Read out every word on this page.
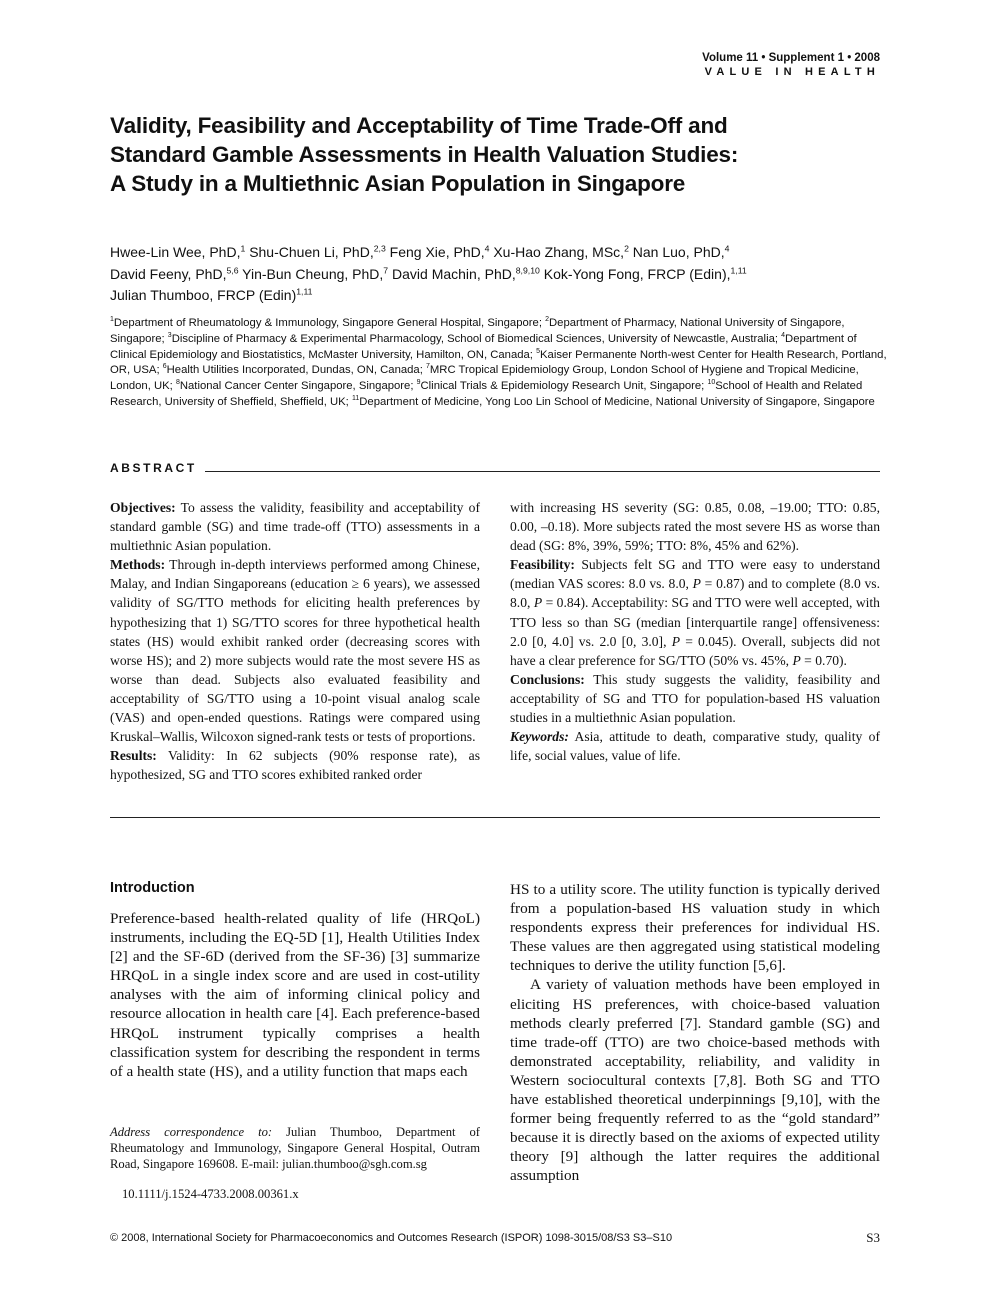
Volume 11 • Supplement 1 • 2008
VALUE IN HEALTH
Validity, Feasibility and Acceptability of Time Trade-Off and
Standard Gamble Assessments in Health Valuation Studies:
A Study in a Multiethnic Asian Population in Singapore
Hwee-Lin Wee, PhD,$^1$ Shu-Chuen Li, PhD,$^{2,3}$ Feng Xie, PhD,$^4$ Xu-Hao Zhang, MSc,$^2$ Nan Luo, PhD,$^4$
David Feeny, PhD,$^{5,6}$ Yin-Bun Cheung, PhD,$^7$ David Machin, PhD,$^{8,9,10}$ Kok-Yong Fong, FRCP (Edin),$^{1,11}$
Julian Thumboo, FRCP (Edin)$^{1,11}$
$^1$Department of Rheumatology & Immunology, Singapore General Hospital, Singapore; $^2$Department of Pharmacy, National University of Singapore, Singapore; $^3$Discipline of Pharmacy & Experimental Pharmacology, School of Biomedical Sciences, University of Newcastle, Australia; $^4$Department of Clinical Epidemiology and Biostatistics, McMaster University, Hamilton, ON, Canada; $^5$Kaiser Permanente North-west Center for Health Research, Portland, OR, USA; $^6$Health Utilities Incorporated, Dundas, ON, Canada; $^7$MRC Tropical Epidemiology Group, London School of Hygiene and Tropical Medicine, London, UK; $^8$National Cancer Center Singapore, Singapore; $^9$Clinical Trials & Epidemiology Research Unit, Singapore; $^{10}$School of Health and Related Research, University of Sheffield, Sheffield, UK; $^{11}$Department of Medicine, Yong Loo Lin School of Medicine, National University of Singapore, Singapore
ABSTRACT

Objectives: To assess the validity, feasibility and acceptability of standard gamble (SG) and time trade-off (TTO) assessments in a multiethnic Asian population.

Methods: Through in-depth interviews performed among Chinese, Malay, and Indian Singaporeans (education ≥ 6 years), we assessed validity of SG/TTO methods for eliciting health preferences by hypothesizing that 1) SG/TTO scores for three hypothetical health states (HS) would exhibit ranked order (decreasing scores with worse HS); and 2) more subjects would rate the most severe HS as worse than dead. Subjects also evaluated feasibility and acceptability of SG/TTO using a 10-point visual analog scale (VAS) and open-ended questions. Ratings were compared using Kruskal–Wallis, Wilcoxon signed-rank tests or tests of proportions.

Results: Validity: In 62 subjects (90% response rate), as hypothesized, SG and TTO scores exhibited ranked order

with increasing HS severity (SG: 0.85, 0.08, –19.00; TTO: 0.85, 0.00, –0.18). More subjects rated the most severe HS as worse than dead (SG: 8%, 39%, 59%; TTO: 8%, 45% and 62%).

Feasibility: Subjects felt SG and TTO were easy to understand (median VAS scores: 8.0 vs. 8.0, P = 0.87) and to complete (8.0 vs. 8.0, P = 0.84). Acceptability: SG and TTO were well accepted, with TTO less so than SG (median [interquartile range] offensiveness: 2.0 [0, 4.0] vs. 2.0 [0, 3.0], P = 0.045). Overall, subjects did not have a clear preference for SG/TTO (50% vs. 45%, P = 0.70).

Conclusions: This study suggests the validity, feasibility and acceptability of SG and TTO for population-based HS valuation studies in a multiethnic Asian population.

Keywords: Asia, attitude to death, comparative study, quality of life, social values, value of life.

Introduction

Preference-based health-related quality of life (HRQoL) instruments, including the EQ-5D [1], Health Utilities Index [2] and the SF-6D (derived from the SF-36) [3] summarize HRQoL in a single index score and are used in cost-utility analyses with the aim of informing clinical policy and resource allocation in health care [4]. Each preference-based HRQoL instrument typically comprises a health classification system for describing the respondent in terms of a health state (HS), and a utility function that maps each

HS to a utility score. The utility function is typically derived from a population-based HS valuation study in which respondents express their preferences for individual HS. These values are then aggregated using statistical modeling techniques to derive the utility function [5,6].

A variety of valuation methods have been employed in eliciting HS preferences, with choice-based valuation methods clearly preferred [7]. Standard gamble (SG) and time trade-off (TTO) are two choice-based methods with demonstrated acceptability, reliability, and validity in Western sociocultural contexts [7,8]. Both SG and TTO have established theoretical underpinnings [9,10], with the former being frequently referred to as the “gold standard” because it is directly based on the axioms of expected utility theory [9] although the latter requires the additional assumption

Address correspondence to: Julian Thumboo, Department of Rheumatology and Immunology, Singapore General Hospital, Outram Road, Singapore 169608. E-mail: julian.thumboo@sgh.com.sg
10.1111/j.1524-4733.2008.00361.x
© 2008, International Society for Pharmacoeconomics and Outcomes Research (ISPOR) 1098-3015/08/S3 S3–S10	S3
